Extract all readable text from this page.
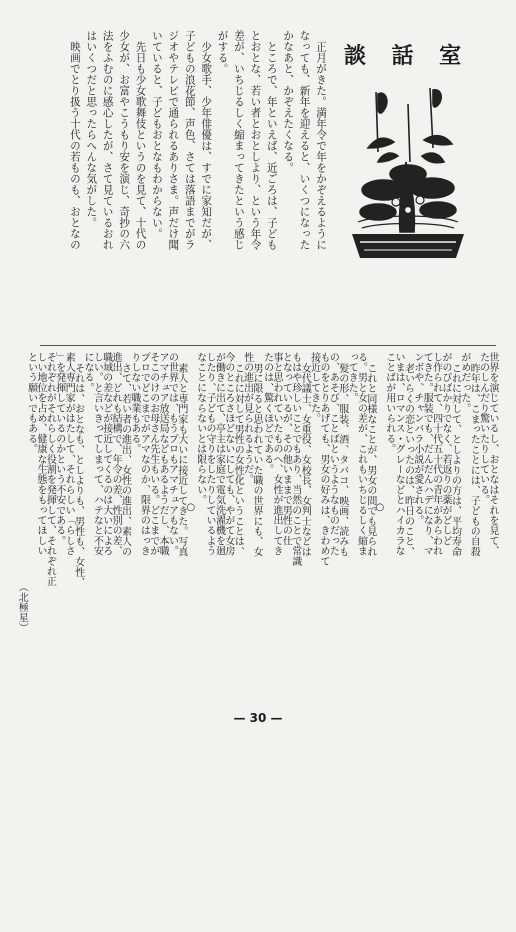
談 話 室
正月がきた。満年令で年をかぞえるように
なっても、新年を迎えると、いくつになった
かなあと、かぞえたくなる。
ところで、年といえば、近ごろは、子ども
とおとな、若い者とおとしより、という年令
差が、いちじるしく縮まってきたという感じ
がする。
少女歌手、少年俳優は、すでに家知だが、
子どもの浪花節、声色、さては落語までがラ
ジオやテレビで通られるありさま。声だけ聞
いていると、子どもおとなもわからない。
先日も少女歌舞伎というのを見て、十代の
少女が、お富やこうもり安を演じ、奇抄の六
法をふむのに感心したが、さて見ているおれ
はいくつだと思ったらへんな気がした。
映画でとり扱う十代の若ものも、おとなの
世界を演じているし、おとなはそれを見て、
たのしんだり驚いたりしている。
昨年は、こまったことには、子どもの自殺
がめだった。
これに対して、としよりの方は、平均寿命
がのびばかりでなく、若返りの薬がどしど
し作られて、四十代五十代の青年があらわれ
てきた。服装でも、だんだんハデになり、マ
ンボや、チャンバラ小説が愛される。
老いらくの恋といったのは、昨日のこと、
いまは、ロマンス・グレーなどとハイカラな
ことばが用いられる。
○
これと同様なことが、男女の間でも見られ
る。男と女の差が、これもいちじるしく縮ま
ってきた。
髪の形、服装、酒、タバコ、映画、読みも
の、あそび、ことばというようなものだった
ものをとりあげても、男女の好みは、きわめて
接近してきた。
女代議士、女重役、女校長、女判士などは
もはや珍しいことでもあり、当然のことで常識
となっているが、その他いままで男性の仕
事と思われていたものへ、女性が進出してき
たのは、驚くほどである。
— 30 —
男に限ると思われていた職の世界にも、女
性の進出が見られるようだ。
これに対して男性の女性化ということは、
今のところさほどないにしても、やがて女房
が働きに出て、亭主は家庭で電気洗濯機を廻
したり、子どもの守りをしたりしているよう
なことにならないとは限らない。
○
素人と専門家も大いに接近してきた。写真
の世界では、もうプロもアマチュアもない。
アマチュア放送局などもあるようだし、本職
そこのけのお母さん先生もいる。どこまでが
プロでどこまでがアマなのか、限界のはっき
りしない職業もある。
さて、若い者の進出、女性の進出、素人の
進出、どれも結構で、年令の差、性別の差、
職域の差などが接近してくるのは大いによろ
しい。と言いきってしまって、ハテなと不安
になる。
それは、おとなも、としよりも、男性も、女性、
素人専門家がはたして、それらしい「らしさ
」を発揮しているのかという不安である。
それぞれがそれらしく役割を発揮して、それぞれ正
しい地位を占め、健康な生態をもってほしい
という願いでもある。
（北極星）
